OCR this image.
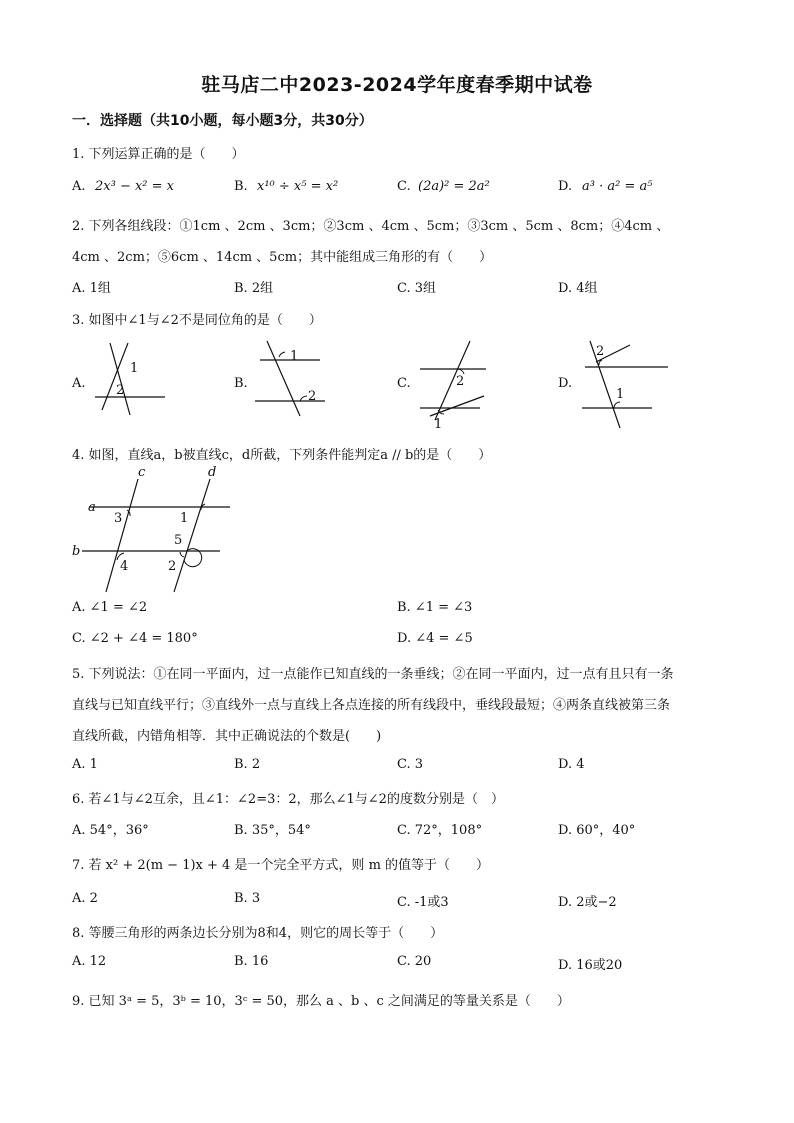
驻马店二中2023-2024学年度春季期中试卷
一．选择题（共10小题，每小题3分，共30分）
1. 下列运算正确的是（　　）
A. 2x³ − x² = x	B. x¹⁰ ÷ x⁵ = x²	C. (2a)² = 2a²	D. a³ · a² = a⁵
2. 下列各组线段：①1cm 、2cm 、3cm；②3cm 、4cm 、5cm；③3cm 、5cm 、8cm；④4cm 、
4cm 、2cm；⑤6cm 、14cm 、5cm；其中能组成三角形的有（　　）
A. 1组	B. 2组	C. 3组	D. 4组
3. 如图中∠1与∠2不是同位角的是（　　）
A.	B.	C.	D.
1
2
1
2
2
1
2
1
4. 如图，直线a，b被直线c，d所截，下列条件能判定a // b的是（　　）
c	d
a
b
3	1
5
4	2
A. ∠1 = ∠2	B. ∠1 = ∠3
C. ∠2 + ∠4 = 180°	D. ∠4 = ∠5
5. 下列说法：①在同一平面内，过一点能作已知直线的一条垂线；②在同一平面内，过一点有且只有一条
直线与已知直线平行；③直线外一点与直线上各点连接的所有线段中，垂线段最短；④两条直线被第三条
直线所截，内错角相等．其中正确说法的个数是(　　)
A. 1	B. 2	C. 3	D. 4
6. 若∠1与∠2互余，且∠1：∠2=3：2，那么∠1与∠2的度数分别是（　）
A. 54°，36°	B. 35°，54°	C. 72°，108°	D. 60°，40°
7. 若 x² + 2(m − 1)x + 4 是一个完全平方式，则 m 的值等于（　　）
A. 2	B. 3	C. -1或3	D. 2或−2
8. 等腰三角形的两条边长分别为8和4，则它的周长等于（　　）
A. 12	B. 16	C. 20	D. 16或20
9. 已知 3ᵃ = 5，3ᵇ = 10，3ᶜ = 50，那么 a 、b 、c 之间满足的等量关系是（　　）
